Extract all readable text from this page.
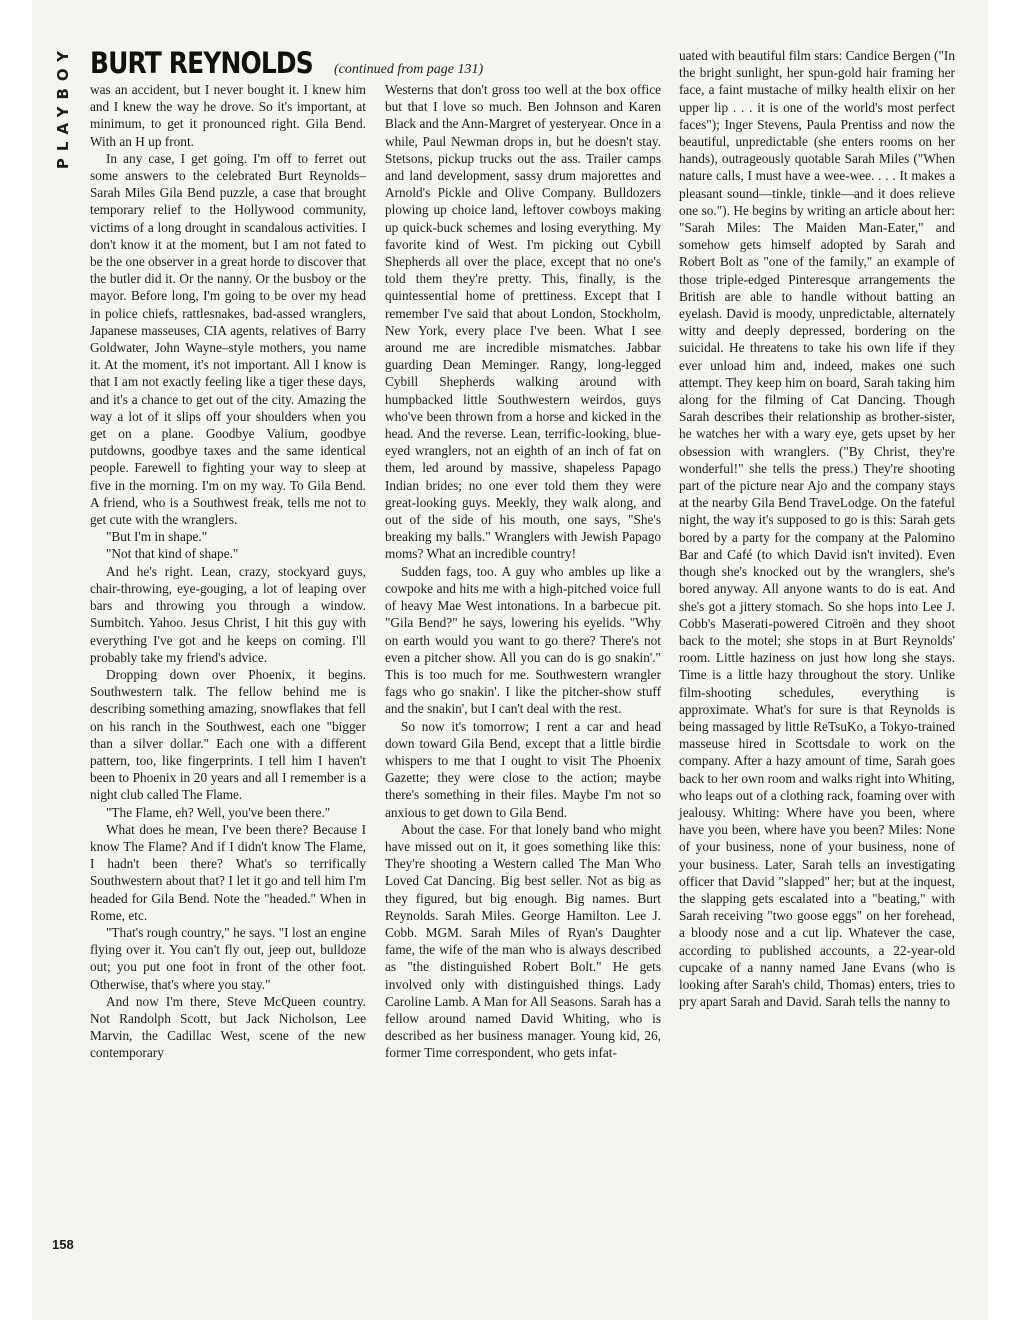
PLAYBOY BURT REYNOLDS (continued from page 131)

was an accident, but I never bought it. I knew him and I knew the way he drove. So it's important, at minimum, to get it pronounced right. Gila Bend. With an H up front.

In any case, I get going. I'm off to ferret out some answers to the celebrated Burt Reynolds–Sarah Miles Gila Bend puzzle, a case that brought temporary relief to the Hollywood community, victims of a long drought in scandalous activities. I don't know it at the moment, but I am not fated to be the one observer in a great horde to discover that the butler did it. Or the nanny. Or the busboy or the mayor. Before long, I'm going to be over my head in police chiefs, rattlesnakes, bad-assed wranglers, Japanese masseuses, CIA agents, relatives of Barry Goldwater, John Wayne–style mothers, you name it. At the moment, it's not important. All I know is that I am not exactly feeling like a tiger these days, and it's a chance to get out of the city. Amazing the way a lot of it slips off your shoulders when you get on a plane. Goodbye Valium, goodbye putdowns, goodbye taxes and the same identical people. Farewell to fighting your way to sleep at five in the morning. I'm on my way. To Gila Bend. A friend, who is a Southwest freak, tells me not to get cute with the wranglers.

"But I'm in shape."

"Not that kind of shape."

And he's right. Lean, crazy, stockyard guys, chair-throwing, eye-gouging, a lot of leaping over bars and throwing you through a window. Sumbitch. Yahoo. Jesus Christ, I hit this guy with everything I've got and he keeps on coming. I'll probably take my friend's advice.

Dropping down over Phoenix, it begins. Southwestern talk. The fellow behind me is describing something amazing, snowflakes that fell on his ranch in the Southwest, each one "bigger than a silver dollar." Each one with a different pattern, too, like fingerprints. I tell him I haven't been to Phoenix in 20 years and all I remember is a night club called The Flame.

"The Flame, eh? Well, you've been there."

What does he mean, I've been there? Because I know The Flame? And if I didn't know The Flame, I hadn't been there? What's so terrifically Southwestern about that? I let it go and tell him I'm headed for Gila Bend. Note the "headed." When in Rome, etc.

"That's rough country," he says. "I lost an engine flying over it. You can't fly out, jeep out, bulldoze out; you put one foot in front of the other foot. Otherwise, that's where you stay."

And now I'm there, Steve McQueen country. Not Randolph Scott, but Jack Nicholson, Lee Marvin, the Cadillac West, scene of the new contemporary

Westerns that don't gross too well at the box office but that I love so much. Ben Johnson and Karen Black and the Ann-Margret of yesteryear. Once in a while, Paul Newman drops in, but he doesn't stay. Stetsons, pickup trucks out the ass. Trailer camps and land development, sassy drum majorettes and Arnold's Pickle and Olive Company. Bulldozers plowing up choice land, leftover cowboys making up quick-buck schemes and losing everything. My favorite kind of West. I'm picking out Cybill Shepherds all over the place, except that no one's told them they're pretty. This, finally, is the quintessential home of prettiness. Except that I remember I've said that about London, Stockholm, New York, every place I've been. What I see around me are incredible mismatches. Jabbar guarding Dean Meminger. Rangy, long-legged Cybill Shepherds walking around with humpbacked little Southwestern weirdos, guys who've been thrown from a horse and kicked in the head. And the reverse. Lean, terrific-looking, blue-eyed wranglers, not an eighth of an inch of fat on them, led around by massive, shapeless Papago Indian brides; no one ever told them they were great-looking guys. Meekly, they walk along, and out of the side of his mouth, one says, "She's breaking my balls." Wranglers with Jewish Papago moms? What an incredible country!

Sudden fags, too. A guy who ambles up like a cowpoke and hits me with a high-pitched voice full of heavy Mae West intonations. In a barbecue pit. "Gila Bend?" he says, lowering his eyelids. "Why on earth would you want to go there? There's not even a pitcher show. All you can do is go snakin'." This is too much for me. Southwestern wrangler fags who go snakin'. I like the pitcher-show stuff and the snakin', but I can't deal with the rest.

So now it's tomorrow; I rent a car and head down toward Gila Bend, except that a little birdie whispers to me that I ought to visit The Phoenix Gazette; they were close to the action; maybe there's something in their files. Maybe I'm not so anxious to get down to Gila Bend.

About the case. For that lonely band who might have missed out on it, it goes something like this: They're shooting a Western called The Man Who Loved Cat Dancing. Big best seller. Not as big as they figured, but big enough. Big names. Burt Reynolds. Sarah Miles. George Hamilton. Lee J. Cobb. MGM. Sarah Miles of Ryan's Daughter fame, the wife of the man who is always described as "the distinguished Robert Bolt." He gets involved only with distinguished things. Lady Caroline Lamb. A Man for All Seasons. Sarah has a fellow around named David Whiting, who is described as her business manager. Young kid, 26, former Time correspondent, who gets infat-

uated with beautiful film stars: Candice Bergen ("In the bright sunlight, her spun-gold hair framing her face, a faint mustache of milky health elixir on her upper lip . . . it is one of the world's most perfect faces"); Inger Stevens, Paula Prentiss and now the beautiful, unpredictable (she enters rooms on her hands), outrageously quotable Sarah Miles ("When nature calls, I must have a wee-wee. . . . It makes a pleasant sound—tinkle, tinkle—and it does relieve one so."). He begins by writing an article about her: "Sarah Miles: The Maiden Man-Eater," and somehow gets himself adopted by Sarah and Robert Bolt as "one of the family," an example of those triple-edged Pinteresque arrangements the British are able to handle without batting an eyelash. David is moody, unpredictable, alternately witty and deeply depressed, bordering on the suicidal. He threatens to take his own life if they ever unload him and, indeed, makes one such attempt. They keep him on board, Sarah taking him along for the filming of Cat Dancing. Though Sarah describes their relationship as brother-sister, he watches her with a wary eye, gets upset by her obsession with wranglers. ("By Christ, they're wonderful!" she tells the press.) They're shooting part of the picture near Ajo and the company stays at the nearby Gila Bend TraveLodge. On the fateful night, the way it's supposed to go is this: Sarah gets bored by a party for the company at the Palomino Bar and Café (to which David isn't invited). Even though she's knocked out by the wranglers, she's bored anyway. All anyone wants to do is eat. And she's got a jittery stomach. So she hops into Lee J. Cobb's Maserati-powered Citroën and they shoot back to the motel; she stops in at Burt Reynolds' room. Little haziness on just how long she stays. Time is a little hazy throughout the story. Unlike film-shooting schedules, everything is approximate. What's for sure is that Reynolds is being massaged by little ReTsuKo, a Tokyo-trained masseuse hired in Scottsdale to work on the company. After a hazy amount of time, Sarah goes back to her own room and walks right into Whiting, who leaps out of a clothing rack, foaming over with jealousy. Whiting: Where have you been, where have you been, where have you been? Miles: None of your business, none of your business, none of your business. Later, Sarah tells an investigating officer that David "slapped" her; but at the inquest, the slapping gets escalated into a "beating," with Sarah receiving "two goose eggs" on her forehead, a bloody nose and a cut lip. Whatever the case, according to published accounts, a 22-year-old cupcake of a nanny named Jane Evans (who is looking after Sarah's child, Thomas) enters, tries to pry apart Sarah and David. Sarah tells the nanny to

158
